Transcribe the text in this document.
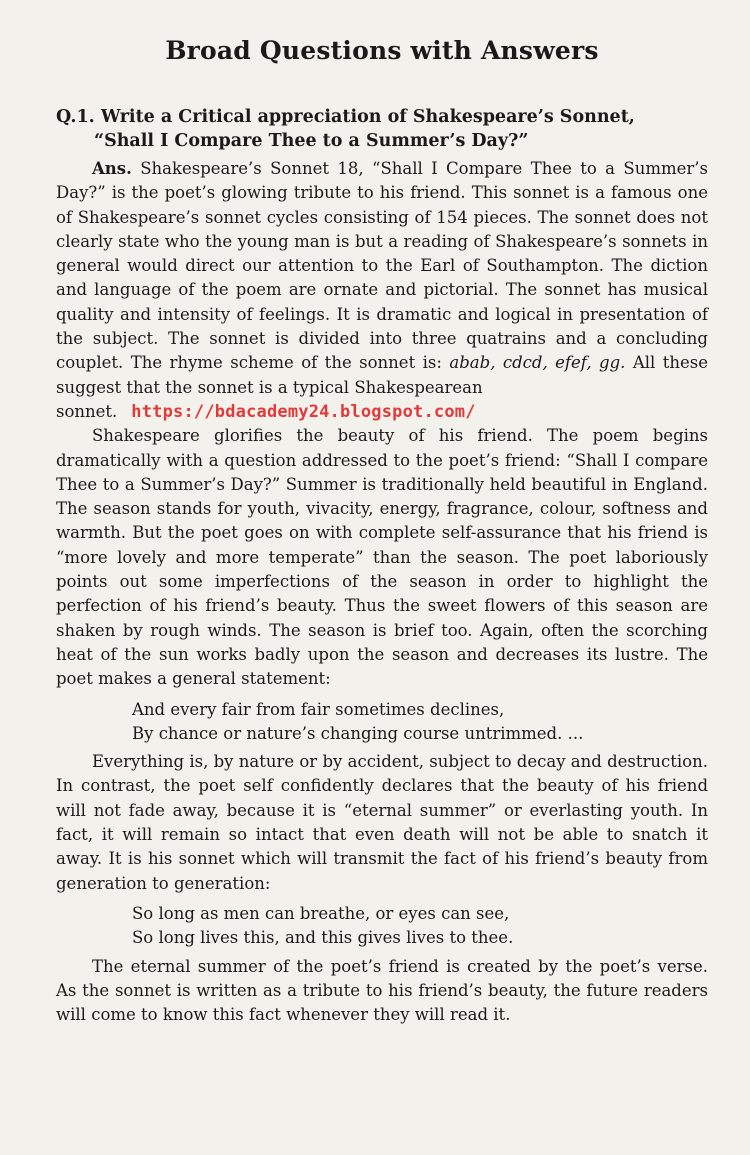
Broad Questions with Answers
Q.1. Write a Critical appreciation of Shakespeare’s Sonnet,
“Shall I Compare Thee to a Summer’s Day?”

Ans. Shakespeare’s Sonnet 18, “Shall I Compare Thee to a Summer’s Day?” is the poet’s glowing tribute to his friend. This sonnet is a famous one of Shakespeare’s sonnet cycles consisting of 154 pieces. The sonnet does not clearly state who the young man is but a reading of Shakespeare’s sonnets in general would direct our attention to the Earl of Southampton. The diction and language of the poem are ornate and pictorial. The sonnet has musical quality and intensity of feelings. It is dramatic and logical in presentation of the subject. The sonnet is divided into three quatrains and a concluding couplet. The rhyme scheme of the sonnet is: abab, cdcd, efef, gg. All these suggest that the sonnet is a typical Shakespearean

sonnet. https://bdacademy24.blogspot.com/

Shakespeare glorifies the beauty of his friend. The poem begins dramatically with a question addressed to the poet’s friend: “Shall I compare Thee to a Summer’s Day?” Summer is traditionally held beautiful in England. The season stands for youth, vivacity, energy, fragrance, colour, softness and warmth. But the poet goes on with complete self-assurance that his friend is “more lovely and more temperate” than the season. The poet laboriously points out some imperfections of the season in order to highlight the perfection of his friend’s beauty. Thus the sweet flowers of this season are shaken by rough winds. The season is brief too. Again, often the scorching heat of the sun works badly upon the season and decreases its lustre. The poet makes a general statement:

And every fair from fair sometimes declines,
By chance or nature’s changing course untrimmed. ...

Everything is, by nature or by accident, subject to decay and destruction. In contrast, the poet self confidently declares that the beauty of his friend will not fade away, because it is “eternal summer” or everlasting youth. In fact, it will remain so intact that even death will not be able to snatch it away. It is his sonnet which will transmit the fact of his friend’s beauty from generation to generation:

So long as men can breathe, or eyes can see,
So long lives this, and this gives lives to thee.

The eternal summer of the poet’s friend is created by the poet’s verse. As the sonnet is written as a tribute to his friend’s beauty, the future readers will come to know this fact whenever they will read it.
